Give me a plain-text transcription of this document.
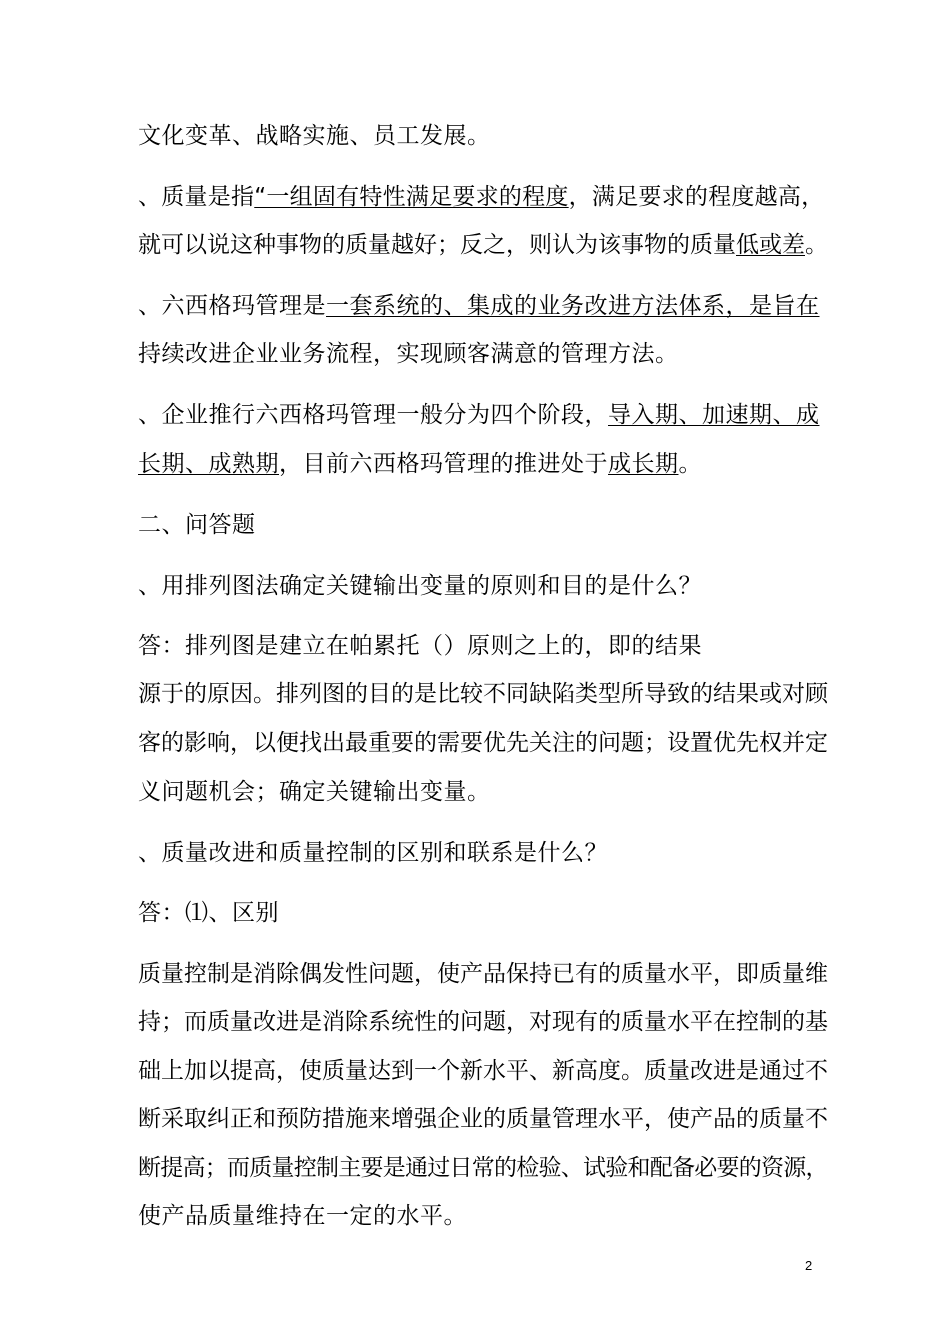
文化变革、战略实施、员工发展。
、质量是指“一组固有特性满足要求的程度，满足要求的程度越高，
就可以说这种事物的质量越好；反之，则认为该事物的质量低或差。
、六西格玛管理是一套系统的、集成的业务改进方法体系，是旨在
持续改进企业业务流程，实现顾客满意的管理方法。
、企业推行六西格玛管理一般分为四个阶段，导入期、加速期、成
长期、成熟期，目前六西格玛管理的推进处于成长期。
二、问答题
、用排列图法确定关键输出变量的原则和目的是什么？
答：排列图是建立在帕累托（）原则之上的，即的结果
源于的原因。排列图的目的是比较不同缺陷类型所导致的结果或对顾
客的影响，以便找出最重要的需要优先关注的问题；设置优先权并定
义问题机会；确定关键输出变量。
、质量改进和质量控制的区别和联系是什么？
答：⑴、区别
质量控制是消除偶发性问题，使产品保持已有的质量水平，即质量维
持；而质量改进是消除系统性的问题，对现有的质量水平在控制的基
础上加以提高，使质量达到一个新水平、新高度。质量改进是通过不
断采取纠正和预防措施来增强企业的质量管理水平，使产品的质量不
断提高；而质量控制主要是通过日常的检验、试验和配备必要的资源，
使产品质量维持在一定的水平。
2
